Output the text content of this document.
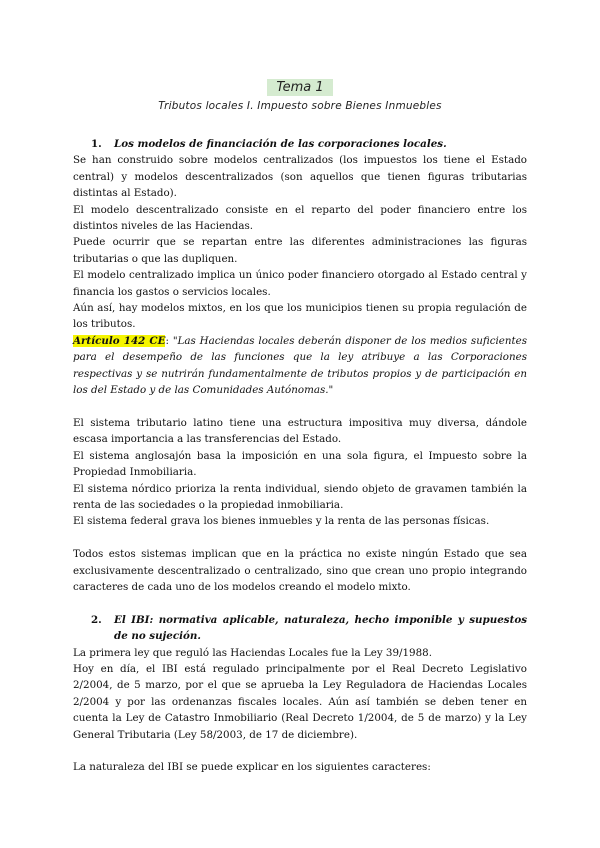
Tema 1
Tributos locales I. Impuesto sobre Bienes Inmuebles
1.	Los modelos de financiación de las corporaciones locales.

Se han construido sobre modelos centralizados (los impuestos los tiene el Estado central) y modelos descentralizados (son aquellos que tienen figuras tributarias distintas al Estado).

El modelo descentralizado consiste en el reparto del poder financiero entre los distintos niveles de las Haciendas.

Puede ocurrir que se repartan entre las diferentes administraciones las figuras tributarias o que las dupliquen.

El modelo centralizado implica un único poder financiero otorgado al Estado central y financia los gastos o servicios locales.

Aún así, hay modelos mixtos, en los que los municipios tienen su propia regulación de los tributos.

Artículo 142 CE: "Las Haciendas locales deberán disponer de los medios suficientes para el desempeño de las funciones que la ley atribuye a las Corporaciones respectivas y se nutrirán fundamentalmente de tributos propios y de participación en los del Estado y de las Comunidades Autónomas."

El sistema tributario latino tiene una estructura impositiva muy diversa, dándole escasa importancia a las transferencias del Estado.

El sistema anglosajón basa la imposición en una sola figura, el Impuesto sobre la Propiedad Inmobiliaria.

El sistema nórdico prioriza la renta individual, siendo objeto de gravamen también la renta de las sociedades o la propiedad inmobiliaria.

El sistema federal grava los bienes inmuebles y la renta de las personas físicas.

Todos estos sistemas implican que en la práctica no existe ningún Estado que sea exclusivamente descentralizado o centralizado, sino que crean uno propio integrando caracteres de cada uno de los modelos creando el modelo mixto.

2.	El IBI: normativa aplicable, naturaleza, hecho imponible y supuestos de no sujeción.

La primera ley que reguló las Haciendas Locales fue la Ley 39/1988.

Hoy en día, el IBI está regulado principalmente por el Real Decreto Legislativo 2/2004, de 5 marzo, por el que se aprueba la Ley Reguladora de Haciendas Locales 2/2004 y por las ordenanzas fiscales locales. Aún así también se deben tener en cuenta la Ley de Catastro Inmobiliario (Real Decreto 1/2004, de 5 de marzo) y la Ley General Tributaria (Ley 58/2003, de 17 de diciembre).

La naturaleza del IBI se puede explicar en los siguientes caracteres:
